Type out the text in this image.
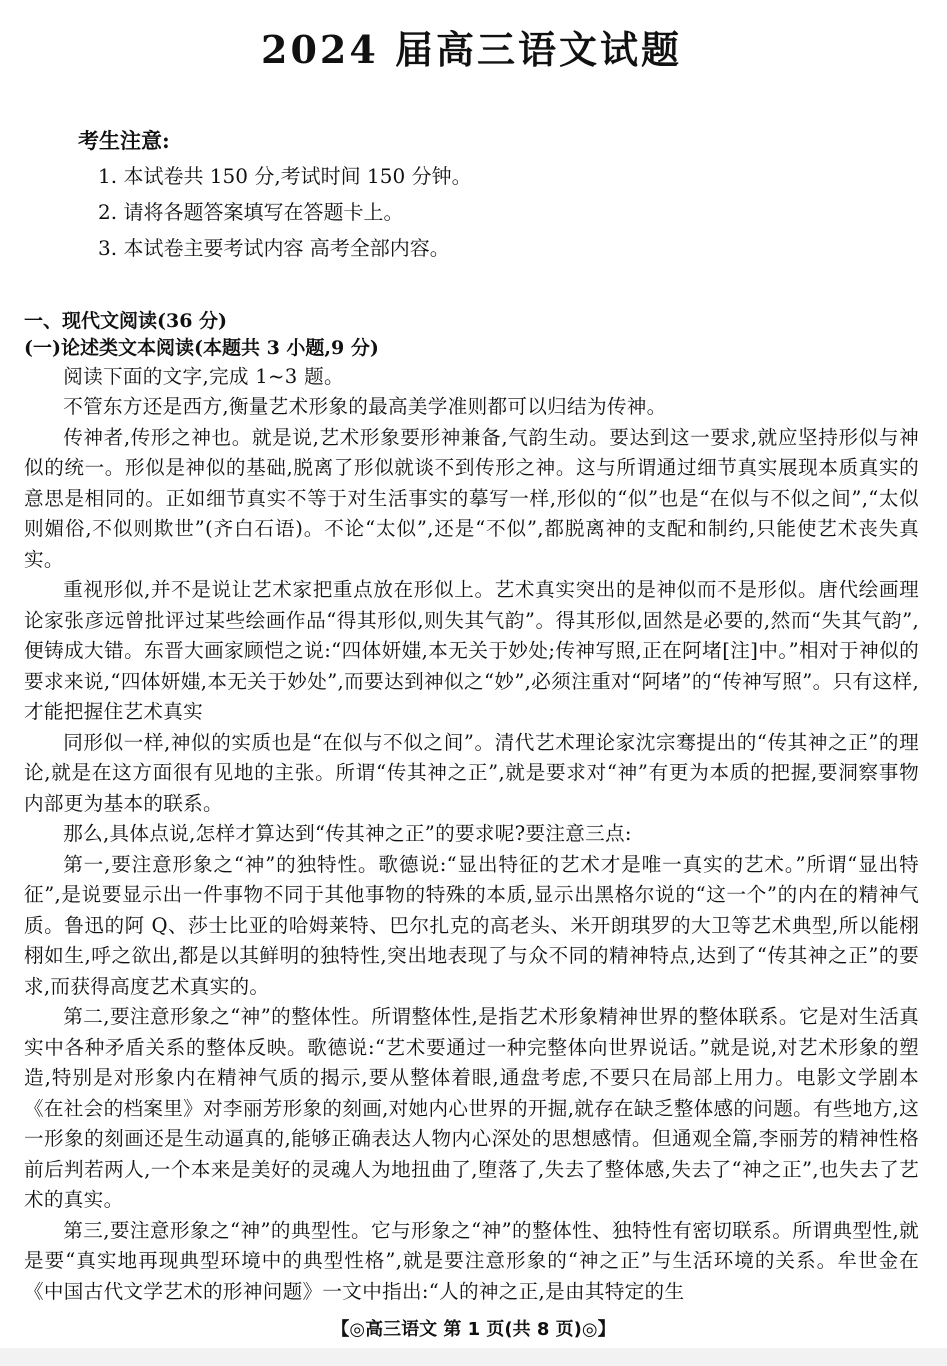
2024 届高三语文试题
考生注意:
1. 本试卷共 150 分,考试时间 150 分钟。
2. 请将各题答案填写在答题卡上。
3. 本试卷主要考试内容 高考全部内容。
一、现代文阅读(36 分)
(一)论述类文本阅读(本题共 3 小题,9 分)

阅读下面的文字,完成 1~3 题。

不管东方还是西方,衡量艺术形象的最高美学准则都可以归结为传神。

传神者,传形之神也。就是说,艺术形象要形神兼备,气韵生动。要达到这一要求,就应坚持形似与神似的统一。形似是神似的基础,脱离了形似就谈不到传形之神。这与所谓通过细节真实展现本质真实的意思是相同的。正如细节真实不等于对生活事实的摹写一样,形似的“似”也是“在似与不似之间”,“太似则媚俗,不似则欺世”(齐白石语)。不论“太似”,还是“不似”,都脱离神的支配和制约,只能使艺术丧失真实。

重视形似,并不是说让艺术家把重点放在形似上。艺术真实突出的是神似而不是形似。唐代绘画理论家张彦远曾批评过某些绘画作品“得其形似,则失其气韵”。得其形似,固然是必要的,然而“失其气韵”,便铸成大错。东晋大画家顾恺之说:“四体妍媸,本无关于妙处;传神写照,正在阿堵[注]中。”相对于神似的要求来说,“四体妍媸,本无关于妙处”,而要达到神似之“妙”,必须注重对“阿堵”的“传神写照”。只有这样,才能把握住艺术真实

同形似一样,神似的实质也是“在似与不似之间”。清代艺术理论家沈宗骞提出的“传其神之正”的理论,就是在这方面很有见地的主张。所谓“传其神之正”,就是要求对“神”有更为本质的把握,要洞察事物内部更为基本的联系。

那么,具体点说,怎样才算达到“传其神之正”的要求呢?要注意三点:

第一,要注意形象之“神”的独特性。歌德说:“显出特征的艺术才是唯一真实的艺术。”所谓“显出特征”,是说要显示出一件事物不同于其他事物的特殊的本质,显示出黑格尔说的“这一个”的内在的精神气质。鲁迅的阿 Q、莎士比亚的哈姆莱特、巴尔扎克的高老头、米开朗琪罗的大卫等艺术典型,所以能栩栩如生,呼之欲出,都是以其鲜明的独特性,突出地表现了与众不同的精神特点,达到了“传其神之正”的要求,而获得高度艺术真实的。

第二,要注意形象之“神”的整体性。所谓整体性,是指艺术形象精神世界的整体联系。它是对生活真实中各种矛盾关系的整体反映。歌德说:“艺术要通过一种完整体向世界说话。”就是说,对艺术形象的塑造,特别是对形象内在精神气质的揭示,要从整体着眼,通盘考虑,不要只在局部上用力。电影文学剧本《在社会的档案里》对李丽芳形象的刻画,对她内心世界的开掘,就存在缺乏整体感的问题。有些地方,这一形象的刻画还是生动逼真的,能够正确表达人物内心深处的思想感情。但通观全篇,李丽芳的精神性格前后判若两人,一个本来是美好的灵魂人为地扭曲了,堕落了,失去了整体感,失去了“神之正”,也失去了艺术的真实。

第三,要注意形象之“神”的典型性。它与形象之“神”的整体性、独特性有密切联系。所谓典型性,就是要“真实地再现典型环境中的典型性格”,就是要注意形象的“神之正”与生活环境的关系。牟世金在《中国古代文学艺术的形神问题》一文中指出:“人的神之正,是由其特定的生

【◎高三语文 第 1 页(共 8 页)◎】
